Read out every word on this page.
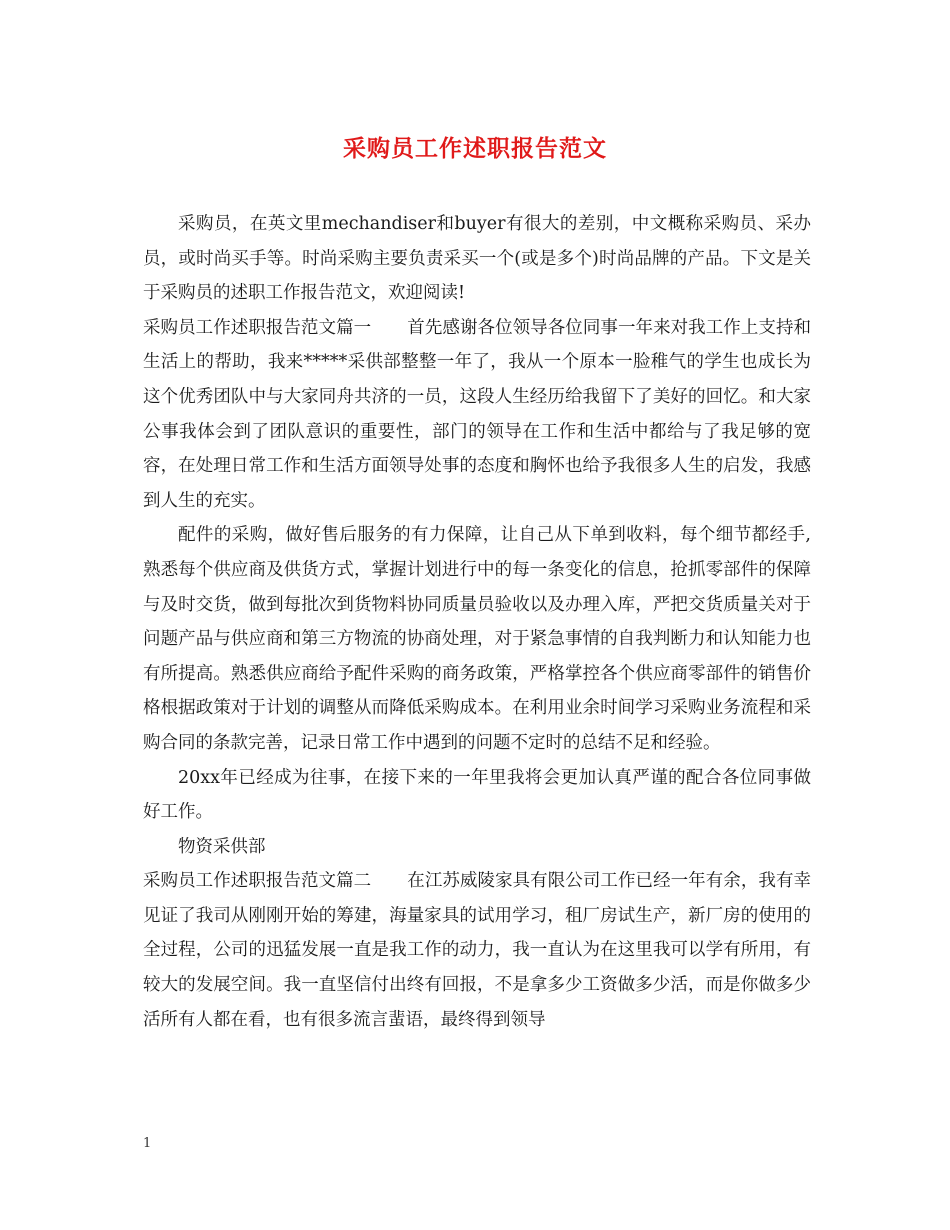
采购员工作述职报告范文

采购员，在英文里mechandiser和buyer有很大的差别，中文概称采购员、采办员，或时尚买手等。时尚采购主要负责采买一个(或是多个)时尚品牌的产品。下文是关于采购员的述职工作报告范文，欢迎阅读!

采购员工作述职报告范文篇一 首先感谢各位领导各位同事一年来对我工作上支持和生活上的帮助，我来*****采供部整整一年了，我从一个原本一脸稚气的学生也成长为这个优秀团队中与大家同舟共济的一员，这段人生经历给我留下了美好的回忆。和大家公事我体会到了团队意识的重要性，部门的领导在工作和生活中都给与了我足够的宽容，在处理日常工作和生活方面领导处事的态度和胸怀也给予我很多人生的启发，我感到人生的充实。

配件的采购，做好售后服务的有力保障，让自己从下单到收料，每个细节都经手,熟悉每个供应商及供货方式，掌握计划进行中的每一条变化的信息，抢抓零部件的保障与及时交货，做到每批次到货物料协同质量员验收以及办理入库，严把交货质量关对于问题产品与供应商和第三方物流的协商处理，对于紧急事情的自我判断力和认知能力也有所提高。熟悉供应商给予配件采购的商务政策，严格掌控各个供应商零部件的销售价格根据政策对于计划的调整从而降低采购成本。在利用业余时间学习采购业务流程和采购合同的条款完善，记录日常工作中遇到的问题不定时的总结不足和经验。

20xx年已经成为往事，在接下来的一年里我将会更加认真严谨的配合各位同事做好工作。

物资采供部

采购员工作述职报告范文篇二 在江苏威陵家具有限公司工作已经一年有余，我有幸见证了我司从刚刚开始的筹建，海量家具的试用学习，租厂房试生产，新厂房的使用的全过程，公司的迅猛发展一直是我工作的动力，我一直认为在这里我可以学有所用，有较大的发展空间。我一直坚信付出终有回报，不是拿多少工资做多少活，而是你做多少活所有人都在看，也有很多流言蜚语，最终得到领导

1
